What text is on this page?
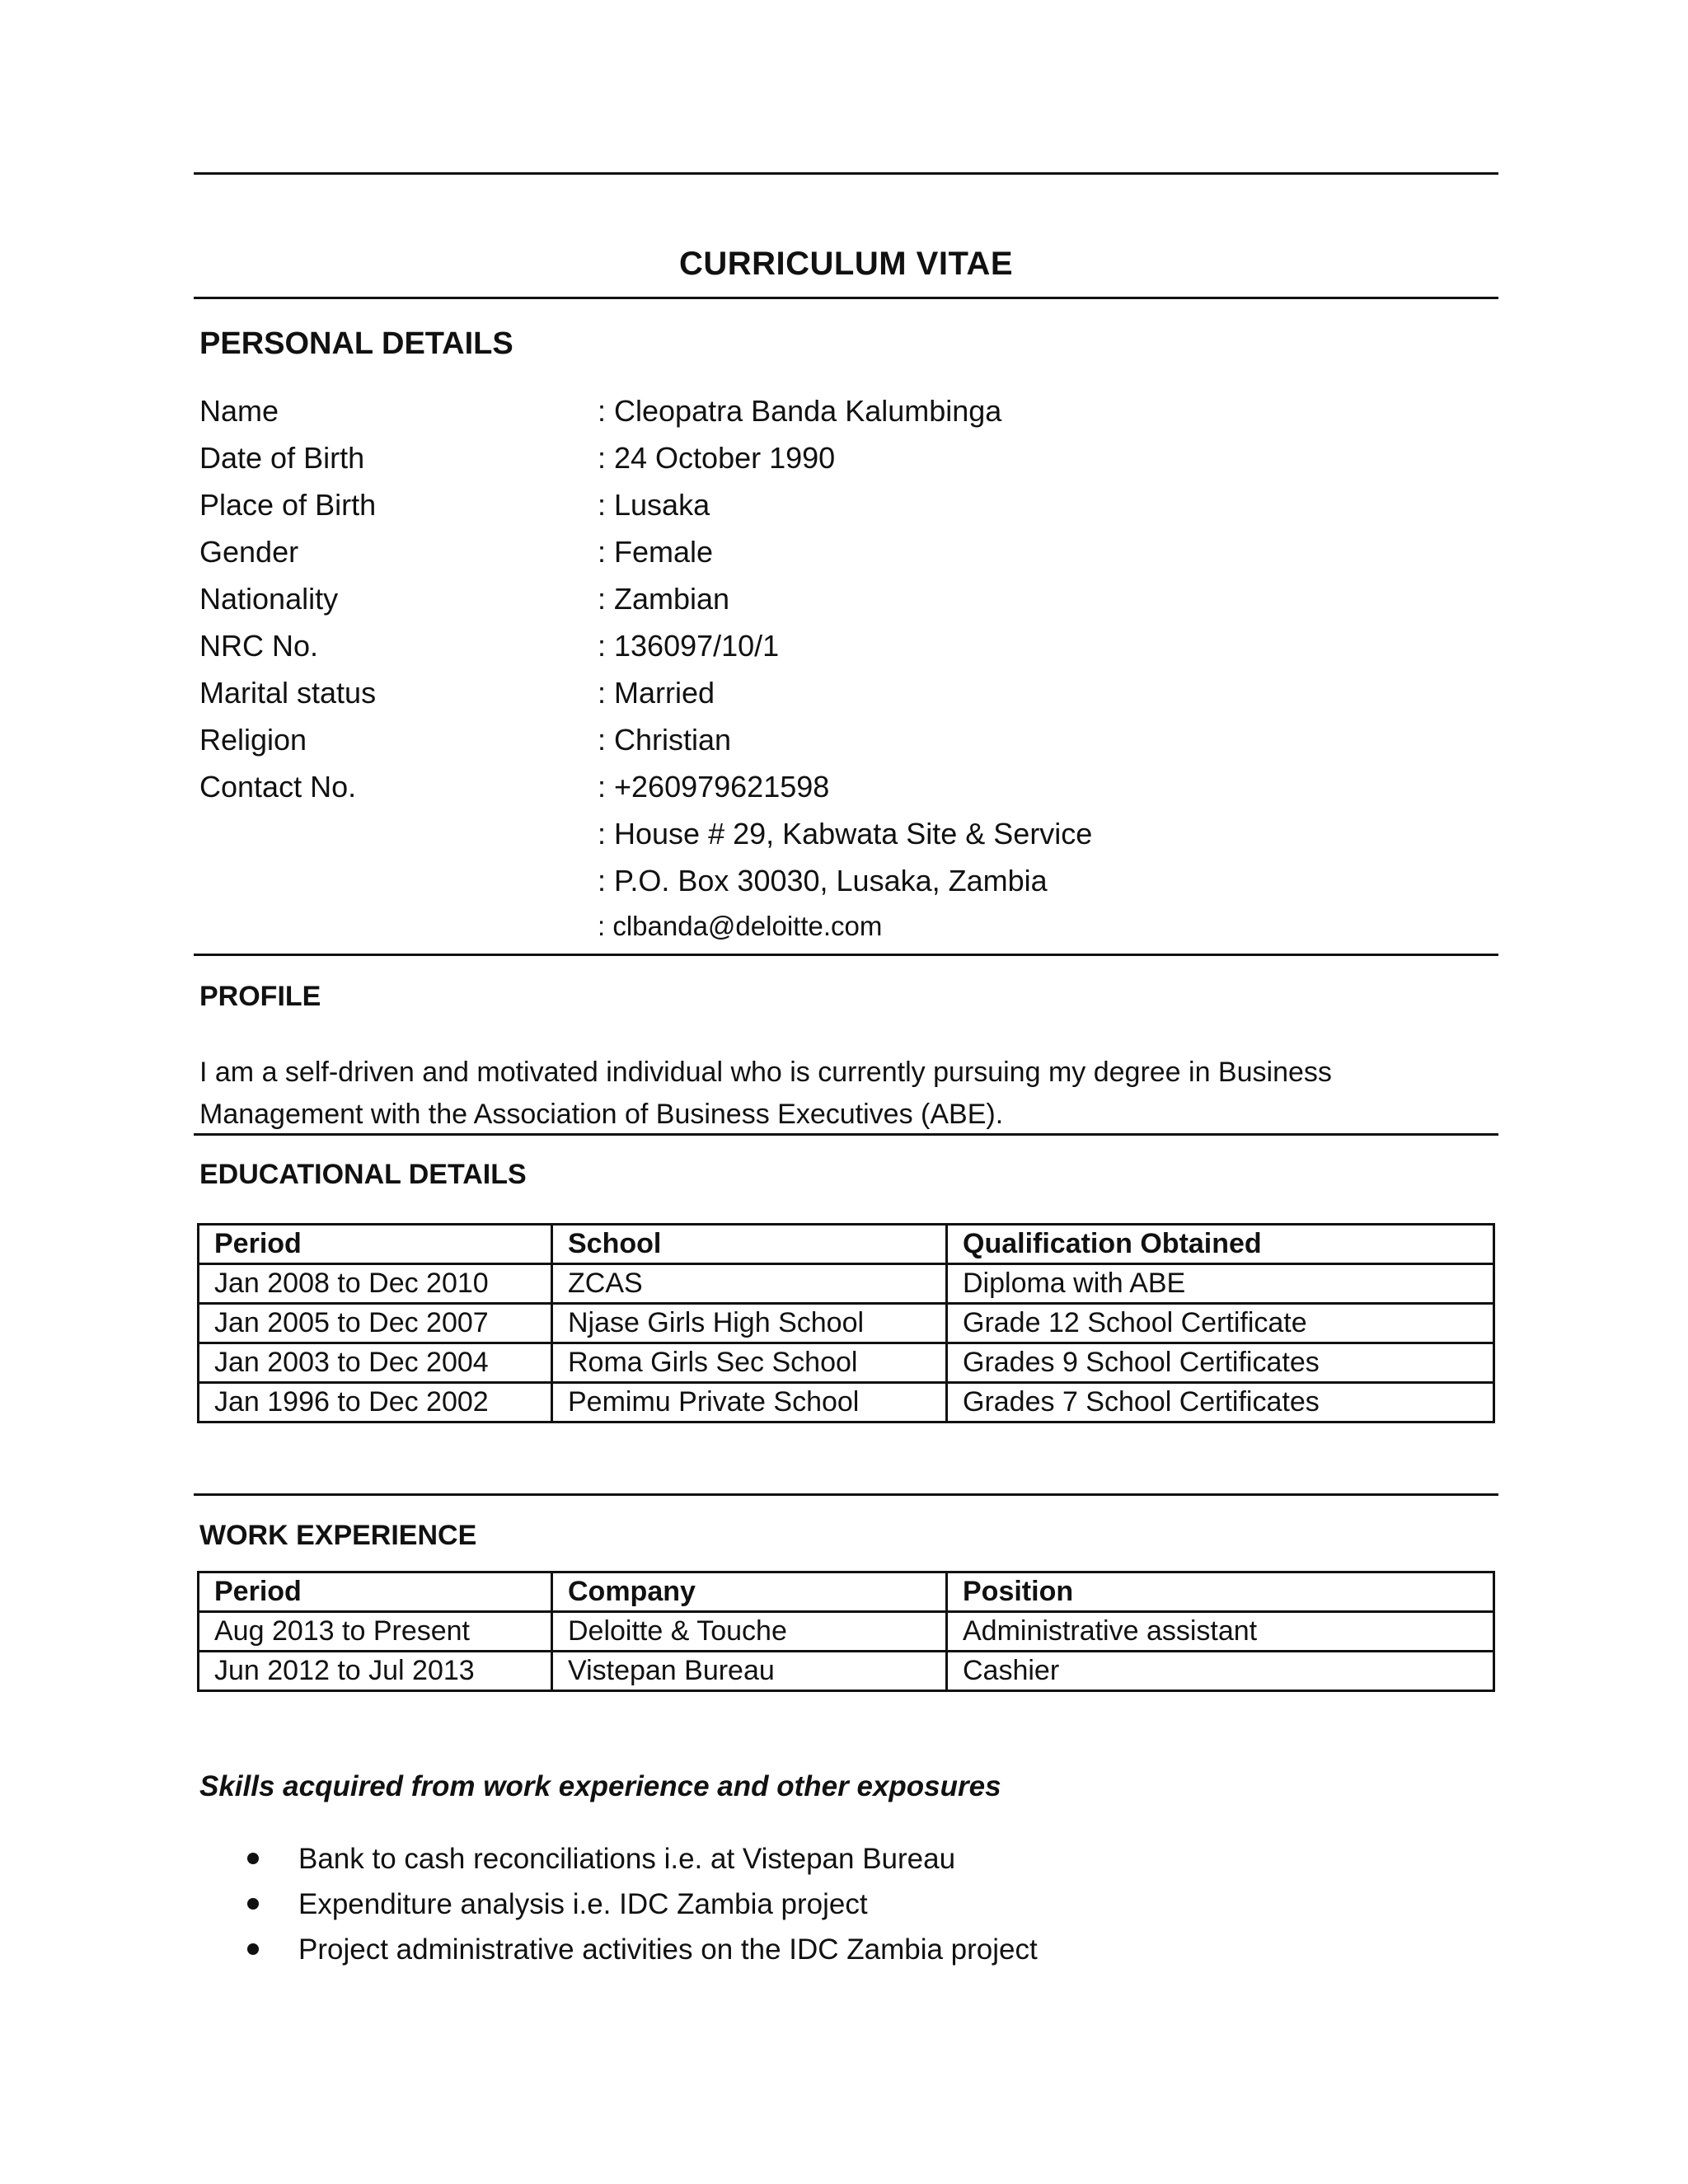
CURRICULUM VITAE
PERSONAL DETAILS
Name	: Cleopatra Banda Kalumbinga
Date of Birth	: 24 October 1990
Place of Birth	: Lusaka
Gender	: Female
Nationality	: Zambian
NRC No.	: 136097/10/1
Marital status	: Married
Religion	: Christian
Contact No.	: +260979621598
: House # 29, Kabwata Site & Service
: P.O. Box 30030, Lusaka, Zambia
: clbanda@deloitte.com
PROFILE
I am a self-driven and motivated individual who is currently pursuing my degree in Business
Management with the Association of Business Executives (ABE).
EDUCATIONAL DETAILS
Period	School	Qualification Obtained
Jan 2008 to Dec 2010	ZCAS	Diploma with ABE
Jan 2005 to Dec 2007	Njase Girls High School	Grade 12 School Certificate
Jan 2003 to Dec 2004	Roma Girls Sec School	Grades 9 School Certificates
Jan 1996 to Dec 2002	Pemimu Private School	Grades 7 School Certificates
WORK EXPERIENCE
Period	Company	Position
Aug 2013 to Present	Deloitte & Touche	Administrative assistant
Jun 2012 to Jul 2013	Vistepan Bureau	Cashier
Skills acquired from work experience and other exposures
Bank to cash reconciliations i.e. at Vistepan Bureau
Expenditure analysis i.e. IDC Zambia project
Project administrative activities on the IDC Zambia project
